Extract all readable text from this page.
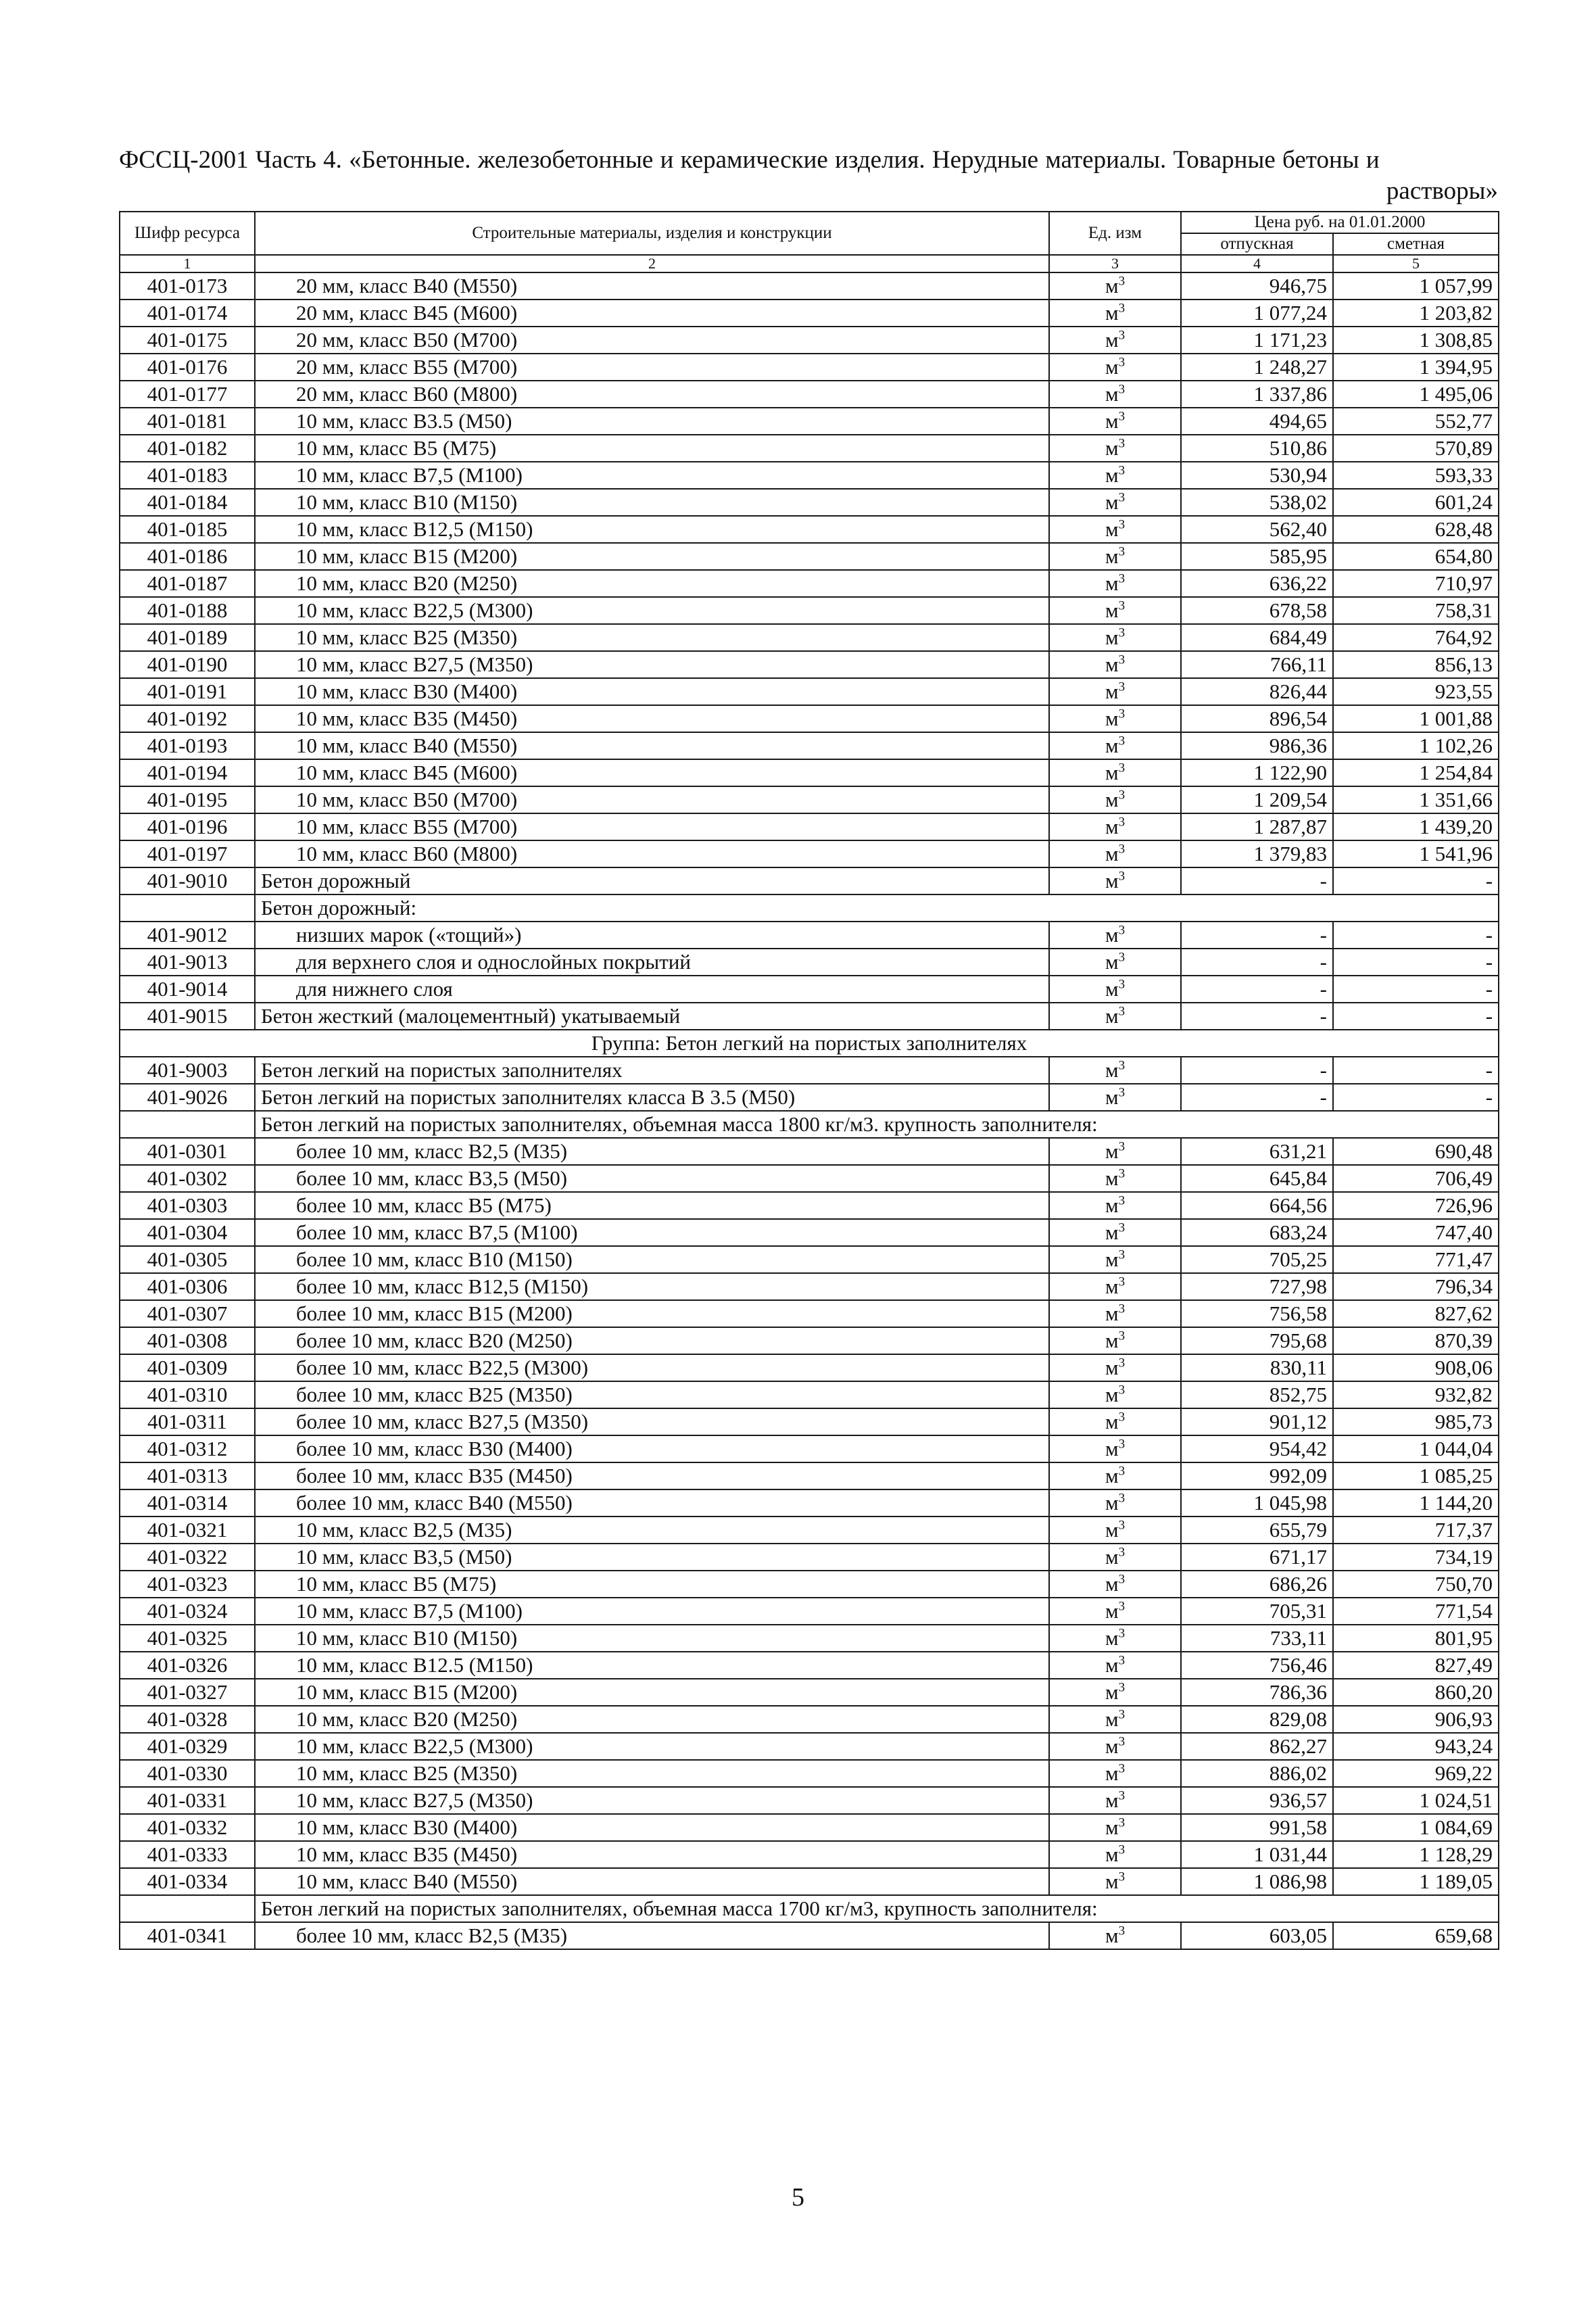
ФССЦ-2001 Часть 4. «Бетонные. железобетонные и керамические изделия. Нерудные материалы. Товарные бетоны и
растворы»
Шифр ресурса	Строительные материалы, изделия и конструкции	Ед. изм	Цена руб. на 01.01.2000	
			отпускная	сметная
1	2	3	4	5
401-0173	20 мм, класс В40 (М550)	$м^3$	946,75	1 057,99
401-0174	20 мм, класс В45 (М600)	$м^3$	1 077,24	1 203,82
401-0175	20 мм, класс В50 (М700)	$м^3$	1 171,23	1 308,85
401-0176	20 мм, класс В55 (М700)	$м^3$	1 248,27	1 394,95
401-0177	20 мм, класс В60 (М800)	$м^3$	1 337,86	1 495,06
401-0181	10 мм, класс В3.5 (М50)	$м^3$	494,65	552,77
401-0182	10 мм, класс В5 (М75)	$м^3$	510,86	570,89
401-0183	10 мм, класс В7,5 (М100)	$м^3$	530,94	593,33
401-0184	10 мм, класс В10 (М150)	$м^3$	538,02	601,24
401-0185	10 мм, класс В12,5 (М150)	$м^3$	562,40	628,48
401-0186	10 мм, класс В15 (М200)	$м^3$	585,95	654,80
401-0187	10 мм, класс В20 (М250)	$м^3$	636,22	710,97
401-0188	10 мм, класс В22,5 (М300)	$м^3$	678,58	758,31
401-0189	10 мм, класс В25 (М350)	$м^3$	684,49	764,92
401-0190	10 мм, класс В27,5 (М350)	$м^3$	766,11	856,13
401-0191	10 мм, класс В30 (М400)	$м^3$	826,44	923,55
401-0192	10 мм, класс В35 (М450)	$м^3$	896,54	1 001,88
401-0193	10 мм, класс В40 (М550)	$м^3$	986,36	1 102,26
401-0194	10 мм, класс В45 (М600)	$м^3$	1 122,90	1 254,84
401-0195	10 мм, класс В50 (М700)	$м^3$	1 209,54	1 351,66
401-0196	10 мм, класс В55 (М700)	$м^3$	1 287,87	1 439,20
401-0197	10 мм, класс В60 (М800)	$м^3$	1 379,83	1 541,96
401-9010	Бетон дорожный	$м^3$	-	-
	Бетон дорожный:			
401-9012	низших марок («тощий»)	$м^3$	-	-
401-9013	для верхнего слоя и однослойных покрытий	$м^3$	-	-
401-9014	для нижнего слоя	$м^3$	-	-
401-9015	Бетон жесткий (малоцементный) укатываемый	$м^3$	-	-
Группа: Бетон легкий на пористых заполнителях				
401-9003	Бетон легкий на пористых заполнителях	$м^3$	-	-
401-9026	Бетон легкий на пористых заполнителях класса В 3.5 (М50)	$м^3$	-	-
	Бетон легкий на пористых заполнителях, объемная масса 1800 кг/м3. крупность заполнителя:			
401-0301	более 10 мм, класс В2,5 (М35)	$м^3$	631,21	690,48
401-0302	более 10 мм, класс В3,5 (М50)	$м^3$	645,84	706,49
401-0303	более 10 мм, класс В5 (М75)	$м^3$	664,56	726,96
401-0304	более 10 мм, класс В7,5 (М100)	$м^3$	683,24	747,40
401-0305	более 10 мм, класс В10 (М150)	$м^3$	705,25	771,47
401-0306	более 10 мм, класс В12,5 (М150)	$м^3$	727,98	796,34
401-0307	более 10 мм, класс В15 (М200)	$м^3$	756,58	827,62
401-0308	более 10 мм, класс В20 (М250)	$м^3$	795,68	870,39
401-0309	более 10 мм, класс В22,5 (М300)	$м^3$	830,11	908,06
401-0310	более 10 мм, класс В25 (М350)	$м^3$	852,75	932,82
401-0311	более 10 мм, класс В27,5 (М350)	$м^3$	901,12	985,73
401-0312	более 10 мм, класс В30 (М400)	$м^3$	954,42	1 044,04
401-0313	более 10 мм, класс В35 (М450)	$м^3$	992,09	1 085,25
401-0314	более 10 мм, класс В40 (М550)	$м^3$	1 045,98	1 144,20
401-0321	10 мм, класс В2,5 (М35)	$м^3$	655,79	717,37
401-0322	10 мм, класс В3,5 (М50)	$м^3$	671,17	734,19
401-0323	10 мм, класс В5 (М75)	$м^3$	686,26	750,70
401-0324	10 мм, класс В7,5 (М100)	$м^3$	705,31	771,54
401-0325	10 мм, класс В10 (М150)	$м^3$	733,11	801,95
401-0326	10 мм, класс В12.5 (М150)	$м^3$	756,46	827,49
401-0327	10 мм, класс В15 (М200)	$м^3$	786,36	860,20
401-0328	10 мм, класс В20 (М250)	$м^3$	829,08	906,93
401-0329	10 мм, класс В22,5 (М300)	$м^3$	862,27	943,24
401-0330	10 мм, класс В25 (М350)	$м^3$	886,02	969,22
401-0331	10 мм, класс В27,5 (М350)	$м^3$	936,57	1 024,51
401-0332	10 мм, класс В30 (М400)	$м^3$	991,58	1 084,69
401-0333	10 мм, класс В35 (М450)	$м^3$	1 031,44	1 128,29
401-0334	10 мм, класс В40 (М550)	$м^3$	1 086,98	1 189,05
	Бетон легкий на пористых заполнителях, объемная масса 1700 кг/м3, крупность заполнителя:			
401-0341	более 10 мм, класс В2,5 (М35)	$м^3$	603,05	659,68
5
